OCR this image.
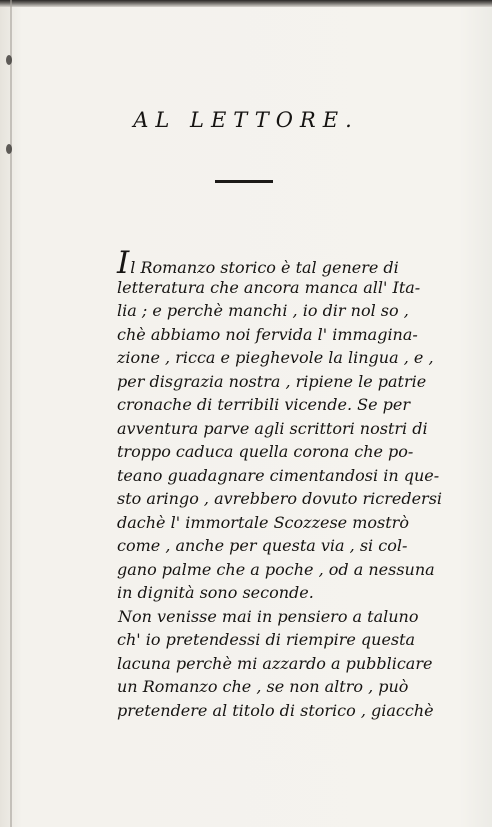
AL LETTORE.
Il Romanzo storico è tal genere di
letteratura che ancora manca all' Ita-
lia ; e perchè manchi , io dir nol so ,
chè abbiamo noi fervida l' immagina-
zione , ricca e pieghevole la lingua , e ,
per disgrazia nostra , ripiene le patrie
cronache di terribili vicende. Se per
avventura parve agli scrittori nostri di
troppo caduca quella corona che po-
teano guadagnare cimentandosi in que-
sto aringo , avrebbero dovuto ricredersi
dachè l' immortale Scozzese mostrò
come , anche per questa via , si col-
gano palme che a poche , od a nessuna
in dignità sono seconde.
Non venisse mai in pensiero a taluno
ch' io pretendessi di riempire questa
lacuna perchè mi azzardo a pubblicare
un Romanzo che , se non altro , può
pretendere al titolo di storico , giacchè
